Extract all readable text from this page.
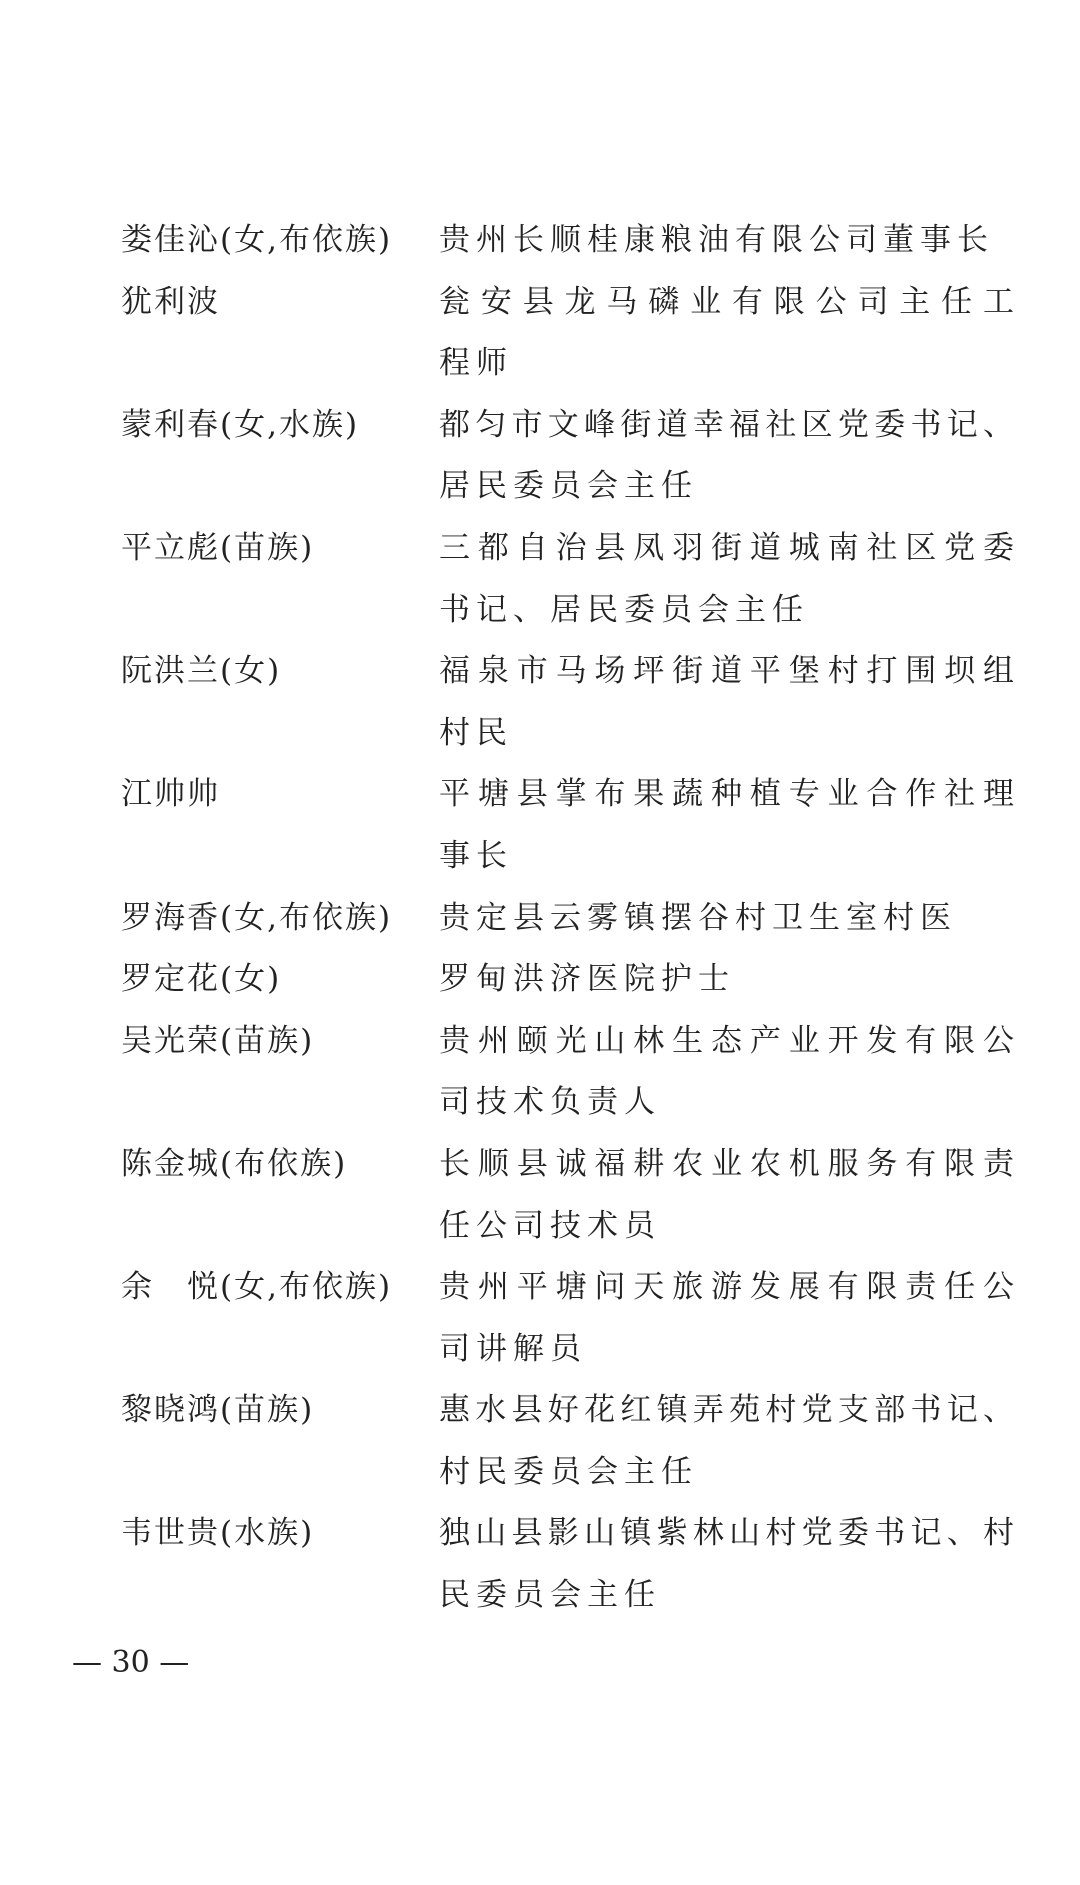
娄佳沁(女,布依族)	贵州长顺桂康粮油有限公司董事长
犹利波	瓮安县龙马磷业有限公司主任工
程师
蒙利春(女,水族)	都匀市文峰街道幸福社区党委书记、
居民委员会主任
平立彪(苗族)	三都自治县凤羽街道城南社区党委
书记、居民委员会主任
阮洪兰(女)	福泉市马场坪街道平堡村打围坝组
村民
江帅帅	平塘县掌布果蔬种植专业合作社理
事长
罗海香(女,布依族)	贵定县云雾镇摆谷村卫生室村医
罗定花(女)	罗甸洪济医院护士
吴光荣(苗族)	贵州颐光山林生态产业开发有限公
司技术负责人
陈金城(布依族)	长顺县诚福耕农业农机服务有限责
任公司技术员
余　悦(女,布依族)	贵州平塘问天旅游发展有限责任公
司讲解员
黎晓鸿(苗族)	惠水县好花红镇弄苑村党支部书记、
村民委员会主任
韦世贵(水族)	独山县影山镇紫林山村党委书记、村
民委员会主任
— 30 —
